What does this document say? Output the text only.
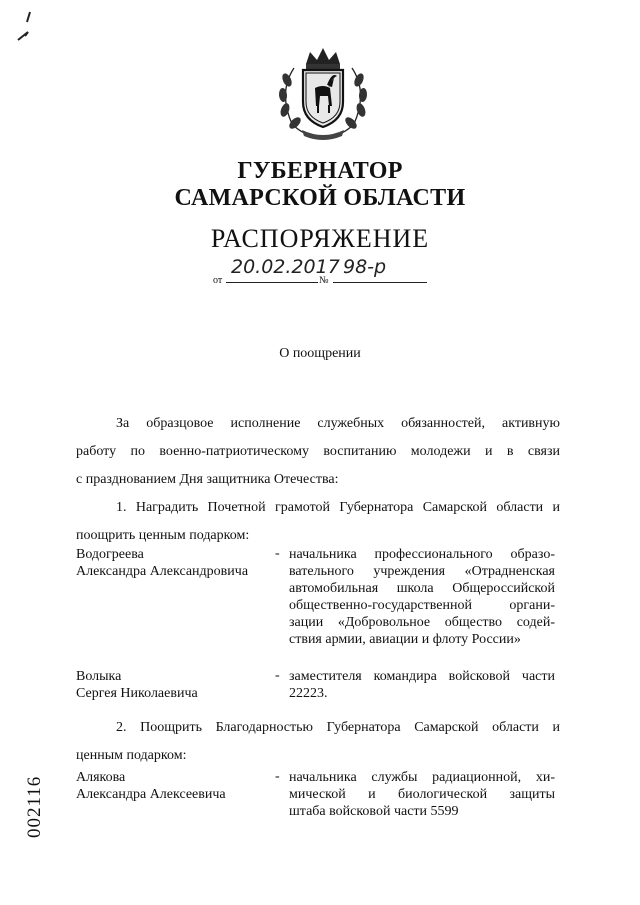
ГУБЕРНАТОР
САМАРСКОЙ ОБЛАСТИ
РАСПОРЯЖЕНИЕ
от
20.02.2017
№
98-р
О поощрении
За образцовое исполнение служебных обязанностей, активную
работу по военно-патриотическому воспитанию молодежи и в связи
с празднованием Дня защитника Отечества:
1. Наградить Почетной грамотой Губернатора Самарской области и
поощрить ценным подарком:
Водогреева
Александра Александровича
- начальника профессионального образо-
вательного учреждения «Отрадненская
автомобильная школа Общероссийской
общественно-государственной органи-
зации «Добровольное общество содей-
ствия армии, авиации и флоту России»
Волыка
Сергея Николаевича
- заместителя командира войсковой части
22223.
2. Поощрить Благодарностью Губернатора Самарской области и
ценным подарком:
Алякова
Александра Алексеевича
- начальника службы радиационной, хи-
мической и биологической защиты
штаба войсковой части 5599
002116
